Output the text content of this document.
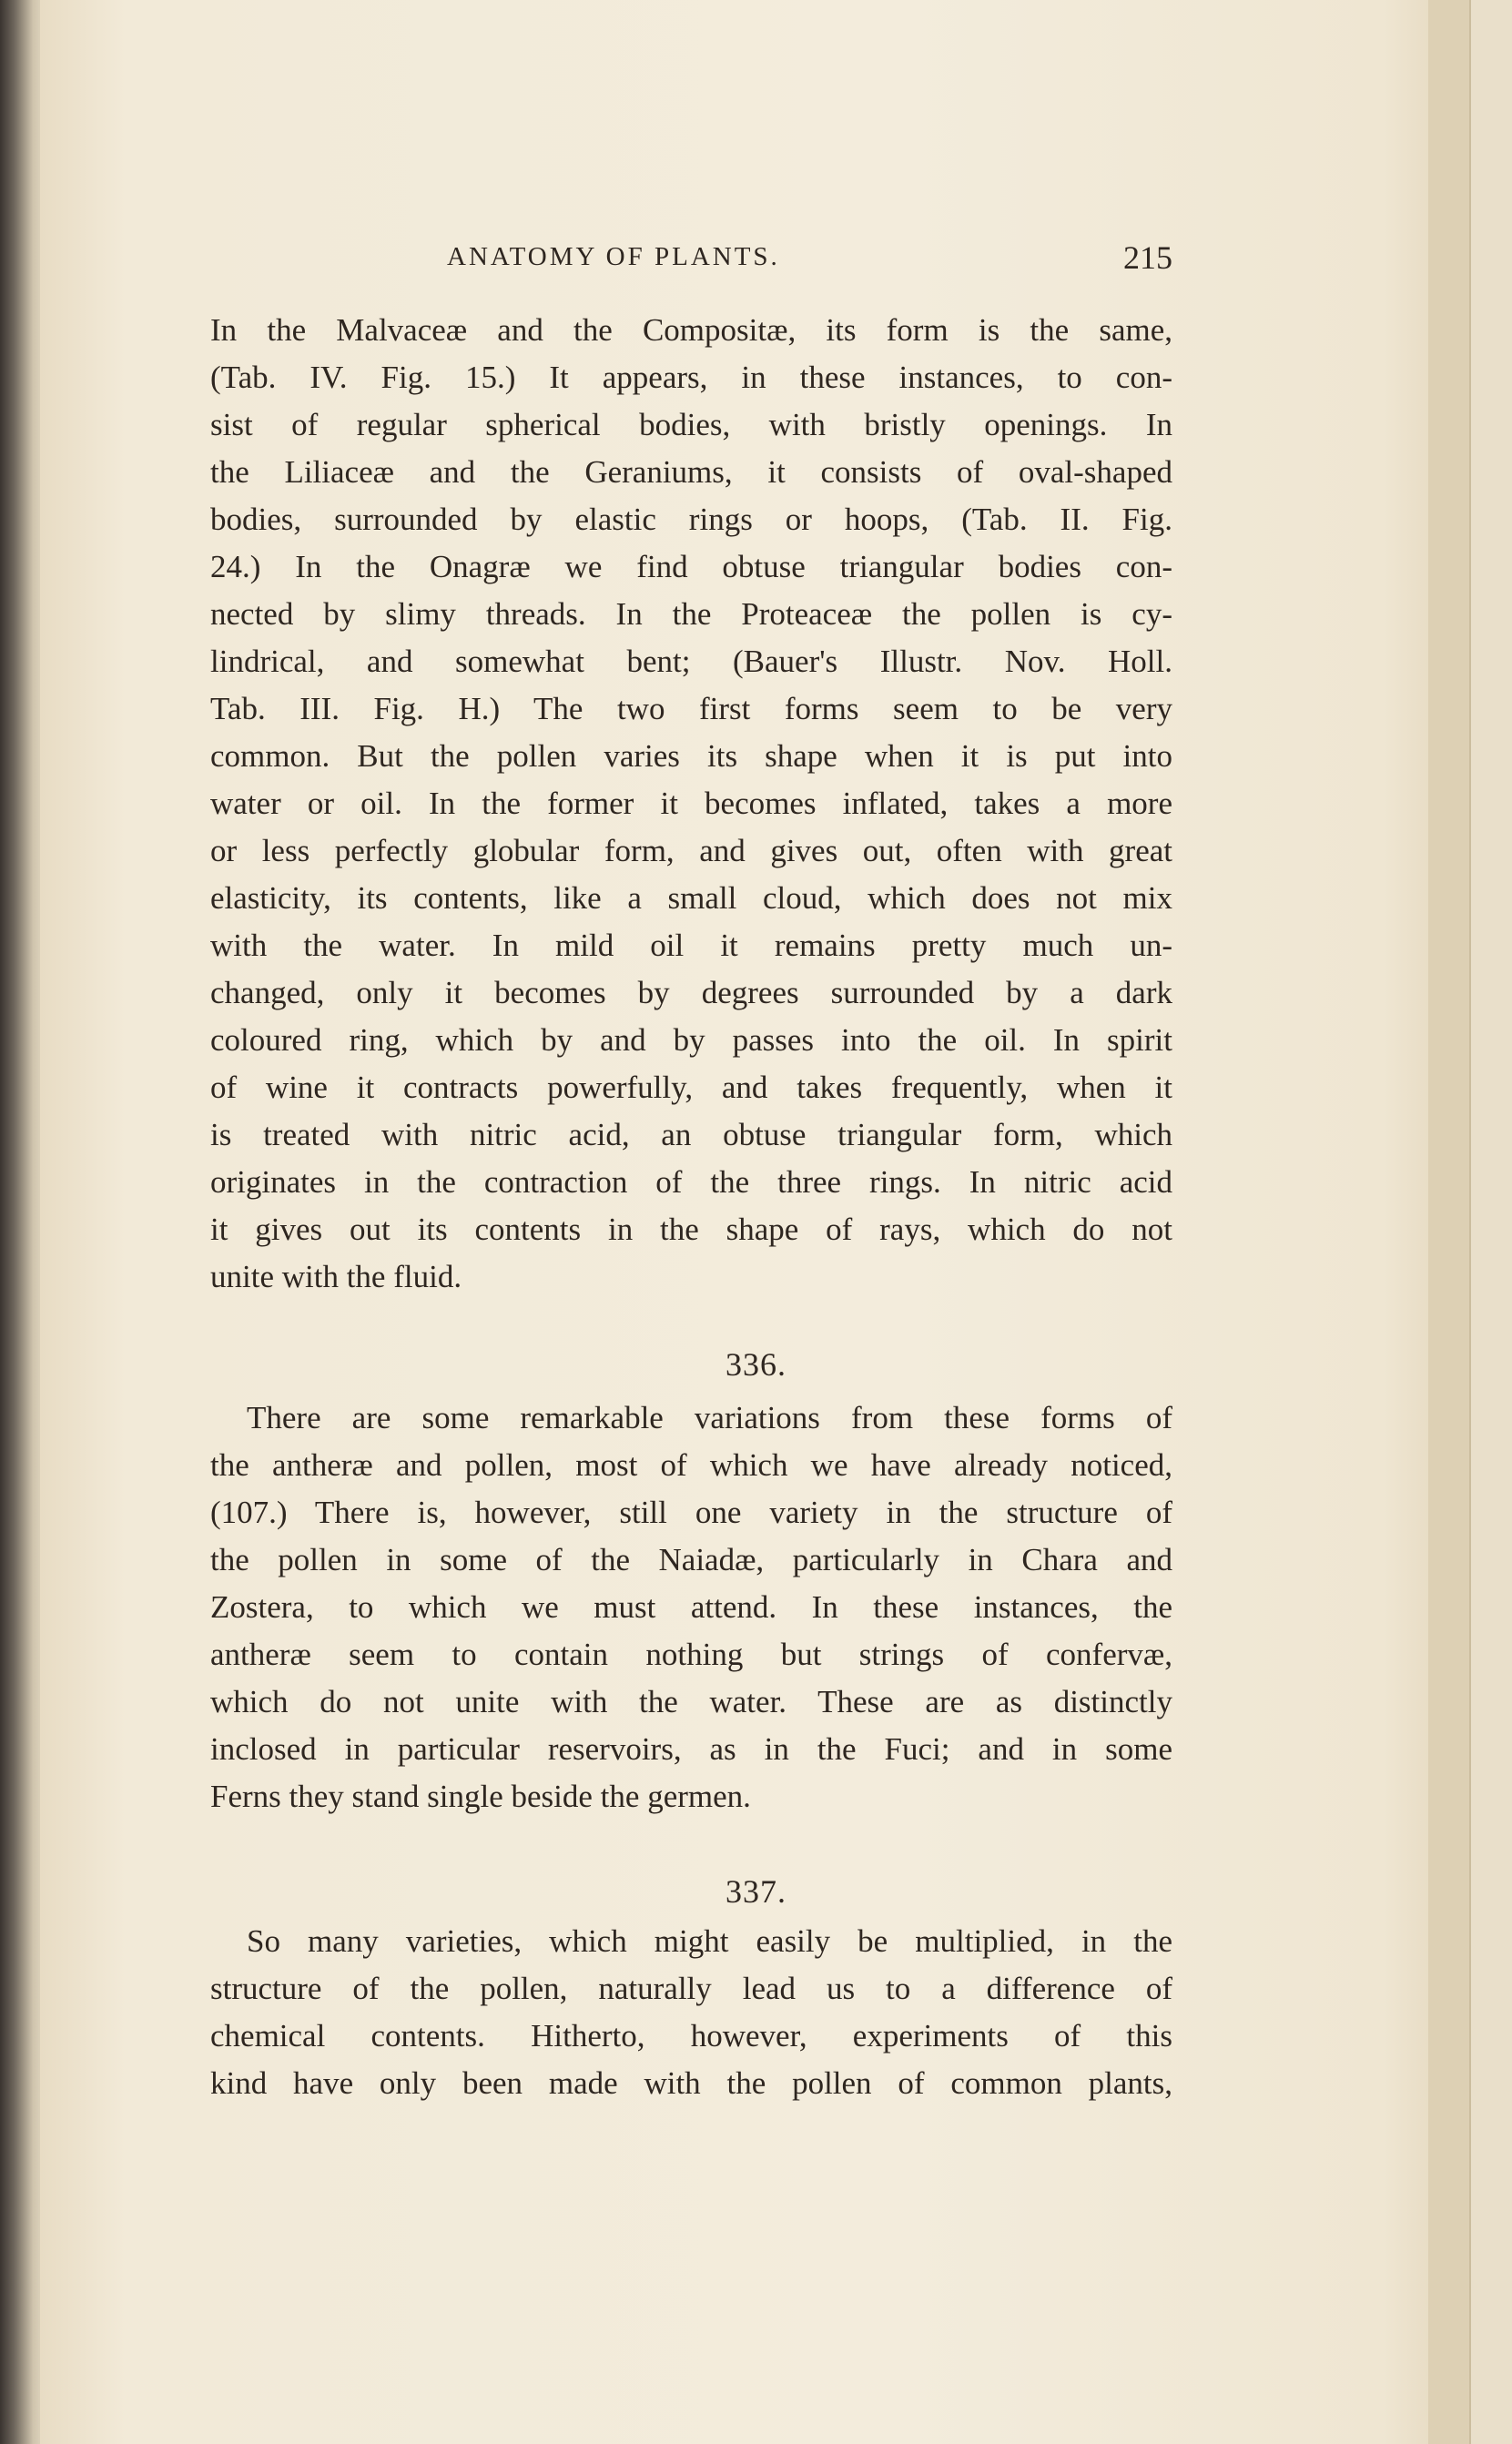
ANATOMY OF PLANTS.	215
In the Malvaceæ and the Compositæ, its form is the same,
(Tab. IV. Fig. 15.) It appears, in these instances, to con-
sist of regular spherical bodies, with bristly openings. In
the Liliaceæ and the Geraniums, it consists of oval-shaped
bodies, surrounded by elastic rings or hoops, (Tab. II. Fig.
24.) In the Onagræ we find obtuse triangular bodies con-
nected by slimy threads. In the Proteaceæ the pollen is cy-
lindrical, and somewhat bent; (Bauer's Illustr. Nov. Holl.
Tab. III. Fig. H.) The two first forms seem to be very
common. But the pollen varies its shape when it is put into
water or oil. In the former it becomes inflated, takes a more
or less perfectly globular form, and gives out, often with great
elasticity, its contents, like a small cloud, which does not mix
with the water. In mild oil it remains pretty much un-
changed, only it becomes by degrees surrounded by a dark
coloured ring, which by and by passes into the oil. In spirit
of wine it contracts powerfully, and takes frequently, when it
is treated with nitric acid, an obtuse triangular form, which
originates in the contraction of the three rings. In nitric acid
it gives out its contents in the shape of rays, which do not
unite with the fluid.
336.
There are some remarkable variations from these forms of
the antheræ and pollen, most of which we have already noticed,
(107.) There is, however, still one variety in the structure of
the pollen in some of the Naiadæ, particularly in Chara and
Zostera, to which we must attend. In these instances, the
antheræ seem to contain nothing but strings of confervæ,
which do not unite with the water. These are as distinctly
inclosed in particular reservoirs, as in the Fuci; and in some
Ferns they stand single beside the germen.
337.
So many varieties, which might easily be multiplied, in the
structure of the pollen, naturally lead us to a difference of
chemical contents. Hitherto, however, experiments of this
kind have only been made with the pollen of common plants,
